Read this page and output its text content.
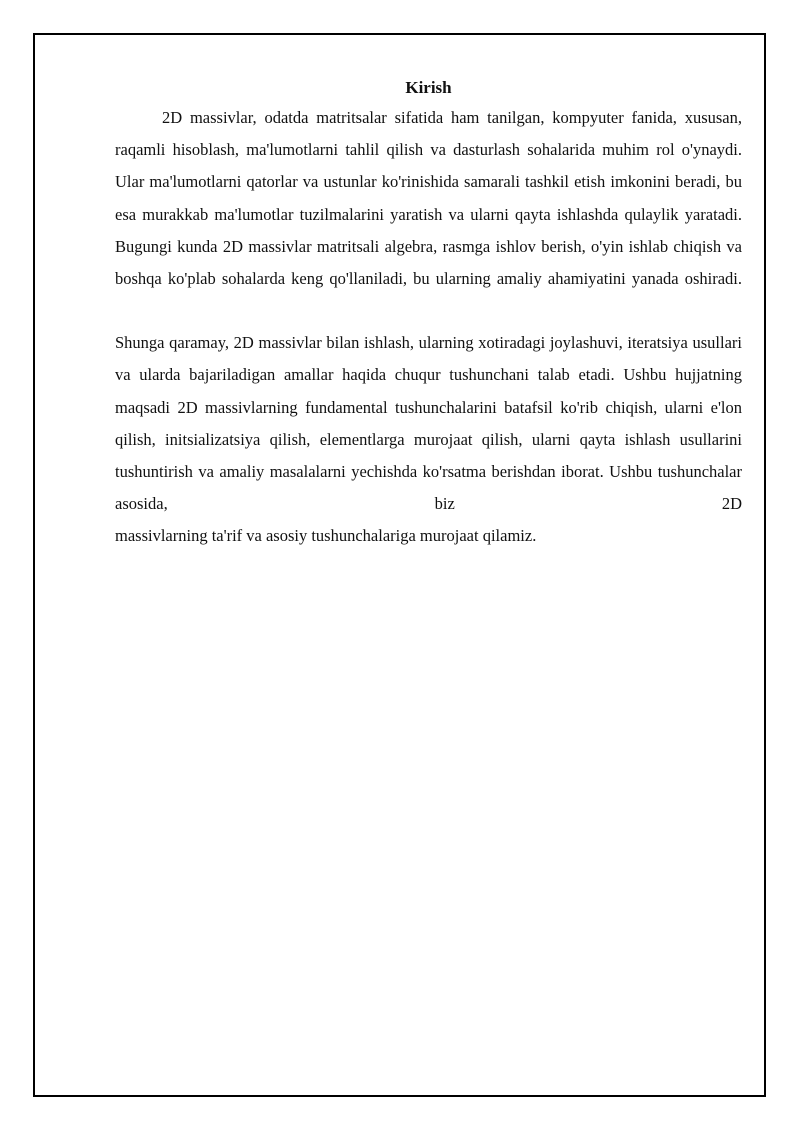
Kirish

2D massivlar, odatda matritsalar sifatida ham tanilgan, kompyuter fanida, xususan, raqamli hisoblash, ma'lumotlarni tahlil qilish va dasturlash sohalarida muhim rol o'ynaydi. Ular ma'lumotlarni qatorlar va ustunlar ko'rinishida samarali tashkil etish imkonini beradi, bu esa murakkab ma'lumotlar tuzilmalarini yaratish va ularni qayta ishlashda qulaylik yaratadi. Bugungi kunda 2D massivlar matritsali algebra, rasmga ishlov berish, o'yin ishlab chiqish va boshqa ko'plab sohalarda keng qo'llaniladi, bu ularning amaliy ahamiyatini yanada oshiradi.

Shunga qaramay, 2D massivlar bilan ishlash, ularning xotiradagi joylashuvi, iteratsiya usullari va ularda bajariladigan amallar haqida chuqur tushunchani talab etadi. Ushbu hujjatning maqsadi 2D massivlarning fundamental tushunchalarini batafsil ko'rib chiqish, ularni e'lon qilish, initsializatsiya qilish, elementlarga murojaat qilish, ularni qayta ishlash usullarini tushuntirish va amaliy masalalarni yechishda ko'rsatma berishdan iborat. Ushbu tushunchalar asosida, biz 2D
massivlarning ta'rif va asosiy tushunchalariga murojaat qilamiz.
